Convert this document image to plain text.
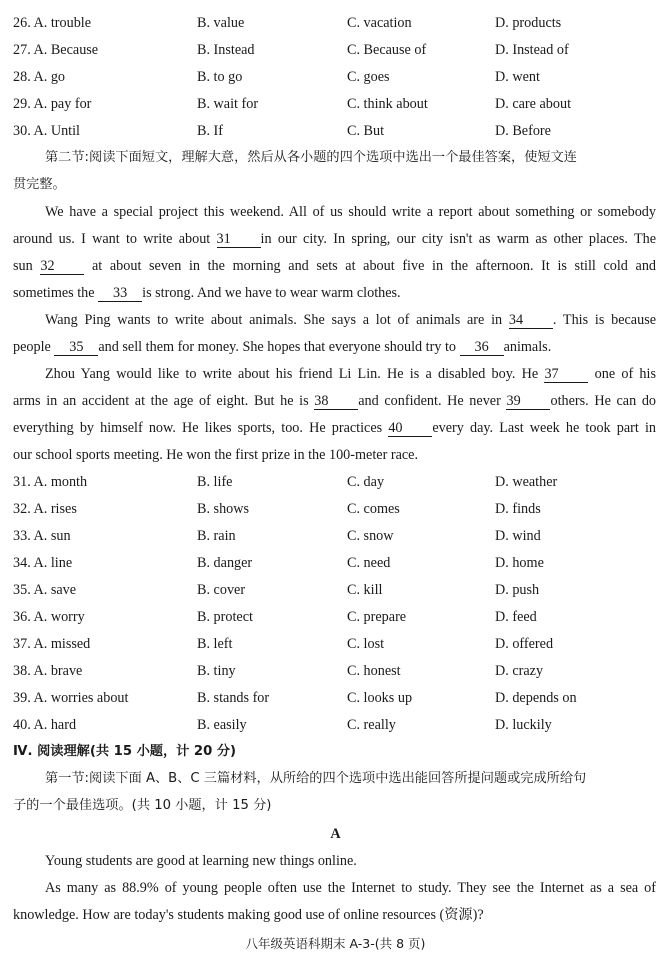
26. A. trouble	B. value	C. vacation	D. products
27. A. Because	B. Instead	C. Because of	D. Instead of
28. A. go	B. to go	C. goes	D. went
29. A. pay for	B. wait for	C. think about	D. care about
30. A. Until	B. If	C. But	D. Before
第二节:阅读下面短文，理解大意，然后从各小题的四个选项中选出一个最佳答案，使短文连
贯完整。
We have a special project this weekend. All of us should write a report about something or somebody
around us. I want to write about 31 in our city. In spring, our city isn't as warm as other places. The
sun 32	at about seven in the morning and sets at about five in the afternoon. It is still cold and
sometimes the 33 is strong. And we have to wear warm clothes.
Wang Ping wants to write about animals. She says a lot of animals are in 34 . This is because
people 35 and sell them for money. She hopes that everyone should try to 36 animals.
Zhou Yang would like to write about his friend Li Lin. He is a disabled boy. He 37	one of his
arms in an accident at the age of eight. But he is 38 and confident. He never 39 others. He can do
everything by himself now. He likes sports, too. He practices 40 every day. Last week he took part in
our school sports meeting. He won the first prize in the 100-meter race.
31. A. month	B. life	C. day	D. weather
32. A. rises	B. shows	C. comes	D. finds
33. A. sun	B. rain	C. snow	D. wind
34. A. line	B. danger	C. need	D. home
35. A. save	B. cover	C. kill	D. push
36. A. worry	B. protect	C. prepare	D. feed
37. A. missed	B. left	C. lost	D. offered
38. A. brave	B. tiny	C. honest	D. crazy
39. A. worries about	B. stands for	C. looks up	D. depends on
40. A. hard	B. easily	C. really	D. luckily
Ⅳ. 阅读理解(共 15 小题，计 20 分)
第一节:阅读下面 A、B、C 三篇材料，从所给的四个选项中选出能回答所提问题或完成所给句
子的一个最佳选项。(共 10 小题，计 15 分)
A
Young students are good at learning new things online.
As many as 88.9% of young people often use the Internet to study. They see the Internet as a sea of
knowledge. How are today's students making good use of online resources (资源)?
八年级英语科期末 A-3-(共 8 页)
